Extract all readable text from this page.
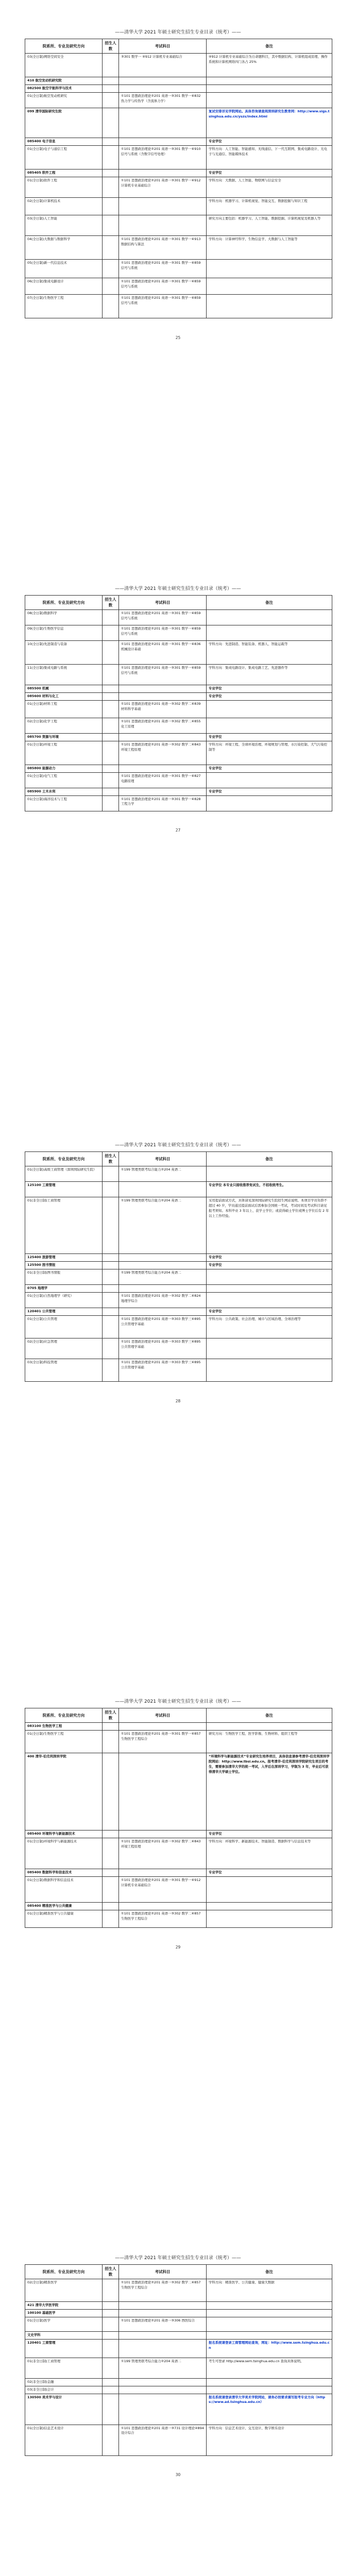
——清华大学 2021 年硕士研究生招生专业目录（统考）——
院系所、专业及研究方向	招生人数	考试科目	备注
03(全日制)网络空间安全		③301 数学一 ④912 计算机专业基础综合	④912 计算机专业基础综合为自命题科目，其中数据结构、计算机组成原理、操作系统和计算机网络四门各占 25%
410 航空发动机研究院			
082500 航空宇航科学与技术			
01(全日制)航空发动机研究		①101 思想政治理论②201 英语一③301 数学一④832 热力学与传热学（含流体力学）	
099 清华国际研究生院			复试安排详见学院网站。具体咨询请查阅深圳研究生教育网：http://www.sigs.tsinghua.edu.cn/yszs/index.html
085400 电子信息			专业学位
01(全日制)电子与通信工程		①101 思想政治理论②201 英语一③301 数学一④910 信号与系统（含数字信号处理）	学科方向：人工智能、智能感知、无线通信、下一代互联网、集成电路设计、光电子与光通信、智能媒体技术
085405 软件工程			专业学位
01(全日制)软件工程		①101 思想政治理论②201 英语一③301 数学一④912 计算机专业基础综合	学科方向：大数据、人工智能、物联网与信息安全
02(全日制)计算机技术			学科方向：机器学习、计算机视觉、智能交互、数据挖掘与知识工程
03(全日制)人工智能			研究方向主要包括：机器学习、人工智能、数据挖掘、计算机视觉及机器人等
04(全日制)大数据与数据科学		①101 思想政治理论②201 英语一③301 数学一④913 数据结构与算法	学科方向：计算神经科学、生物信息学、大数据与人工智能等
05(全日制)新一代信息技术		①101 思想政治理论②201 英语一③301 数学一④859 信号与系统	
06(全日制)集成电路设计		①101 思想政治理论②201 英语一③301 数学一④859 信号与系统	
07(全日制)生物医学工程		①101 思想政治理论②201 英语一③301 数学一④859 信号与系统	
25
——清华大学 2021 年硕士研究生招生专业目录（统考）——
院系所、专业及研究方向	招生人数	考试科目	备注
08(全日制)数据科学		①101 思想政治理论②201 英语一③301 数学一④859 信号与系统	
09(全日制)生物医学信息		①101 思想政治理论②201 英语一③301 数学一④859 信号与系统	
10(全日制)先进制造与装备		①101 思想政治理论②201 英语一③301 数学一④836 机械设计基础	学科方向：先进制造、智能装备、机器人、智能运载等
11(全日制)集成电路与系统		①101 思想政治理论②201 英语一③301 数学一④859 信号与系统	学科方向：集成电路设计、集成电路工艺、先进器件等
085500 机械			专业学位
085600 材料与化工			专业学位
01(全日制)材料工程		①101 思想政治理论②201 英语一③302 数学二④839 材料科学基础	
02(全日制)化学工程		①101 思想政治理论②201 英语一③302 数学二④855 化工原理	
085700 资源与环境			专业学位
01(全日制)环境工程		①101 思想政治理论②201 英语一③302 数学二④843 环境工程原理	学科方向：环境工程、全球环境治理、环境规划与管理、水污染控制、大气污染控制等
085800 能源动力			专业学位
01(全日制)电气工程		①101 思想政治理论②201 英语一③301 数学一④827 电路原理	
085900 土木水利			专业学位
01(全日制)海洋技术与工程		①101 思想政治理论②201 英语一③301 数学一④828 工程力学	
27
——清华大学 2021 年硕士研究生招生专业目录（统考）——
院系所、专业及研究方向	招生人数	考试科目	备注
01(全日制)高级工商管理（深圳国际研究生院）		①199 管理类联考综合能力②204 英语二	
125100 工商管理			专业学位 本专业只接收推荐免试生，不招收统考生。
01(非全日制)工商管理		①199 管理类联考综合能力②204 英语二	采用提前面试方式，具体请见深圳国际研究生院招生网站说明。本项目学员年龄不超过 40 岁，学员通过提前面试后需参加全国统一考试，考试时间及考试科目请见报考须知。本科毕业 3 年以上、获学士学位；或获得硕士学位或博士学位后有 2 年以上工作经验。
125400 旅游管理			专业学位
125500 图书情报			专业学位
01(非全日制)图书情报		①199 管理类联考综合能力②204 英语二	
0705 地理学			
01(全日制)自然地理学（研究）		①101 思想政治理论②201 英语一③302 数学二④824 地理学综合	
120401 公共管理			专业学位
01(全日制)公共管理		①101 思想政治理论②201 英语一③303 数学三④895 公共管理学基础	学科方向：公共政策、社会治理、城市与区域治理、全球治理等
02(全日制)应急管理		①101 思想政治理论②201 英语一③303 数学三④895 公共管理学基础	
03(全日制)科技管理		①101 思想政治理论②201 英语一③303 数学三④895 公共管理学基础	
28
——清华大学 2021 年硕士研究生招生专业目录（统考）——
院系所、专业及研究方向	招生人数	考试科目	备注
083100 生物医学工程			
01(全日制)生物医学工程		①101 思想政治理论②201 英语一③301 数学一④857 生物医学工程综合	研究方向：生物医学工程、医学影像、生物材料、组织工程等
400 清华-伯克利深圳学院			“环境科学与新能源技术”专业研究生培养项目，具体信息请参考清华-伯克利深圳学院网站：http://www.tbsi.edu.cn。报考清华-伯克利深圳学院研究生项目的考生，需要参加清华大学的统一考试，入学后在深圳学习，学制为 3 年，毕业后可获得清华大学硕士学位。
085400 环境科学与新能源技术			专业学位
01(全日制)环境科学与新能源技术		①101 思想政治理论②201 英语一③302 数学二④843 环境工程原理	学科方向：环境科学、新能源技术、智能制造、数据科学与信息技术等
085400 数据科学和信息技术			专业学位
01(全日制)数据科学和信息技术		①101 思想政治理论②201 英语一③301 数学一④912 计算机专业基础综合	
085400 精准医学与公共健康			
01(全日制)精准医学与公共健康		①101 思想政治理论②201 英语一③302 数学二④857 生物医学工程综合	
29
——清华大学 2021 年硕士研究生招生专业目录（统考）——
院系所、专业及研究方向	招生人数	考试科目	备注
02(全日制)精准医学		①101 思想政治理论②201 英语一③302 数学二④857 生物医学工程综合	学科方向：精准医学、公共健康、健康大数据
421 清华大学医学院			
100100 基础医学			
01(全日制)医学		①101 思想政治理论②201 英语一③306 西医综合	
文史学科			
120401 工商管理			报名系统请登录工商管理网站查询，网址：http://www.sem.tsinghua.edu.cn
01(非全日制)工商管理		①199 管理类联考综合能力②204 英语二	考生可登录 http://www.sem.tsinghua.edu.cn 查询具体说明。
02(非全日制)金融			
03(非全日制)会计			
130500 美术学与设计			报名系统请登录清华大学美术学院网站，请务必按要求填写报考专业方向（https://www.ad.tsinghua.edu.cn）
01(全日制)信息艺术设计		①101 思想政治理论②201 英语一③731 设计理论④894 设计综合	学科方向：信息艺术设计、交互设计、数字娱乐设计
30
